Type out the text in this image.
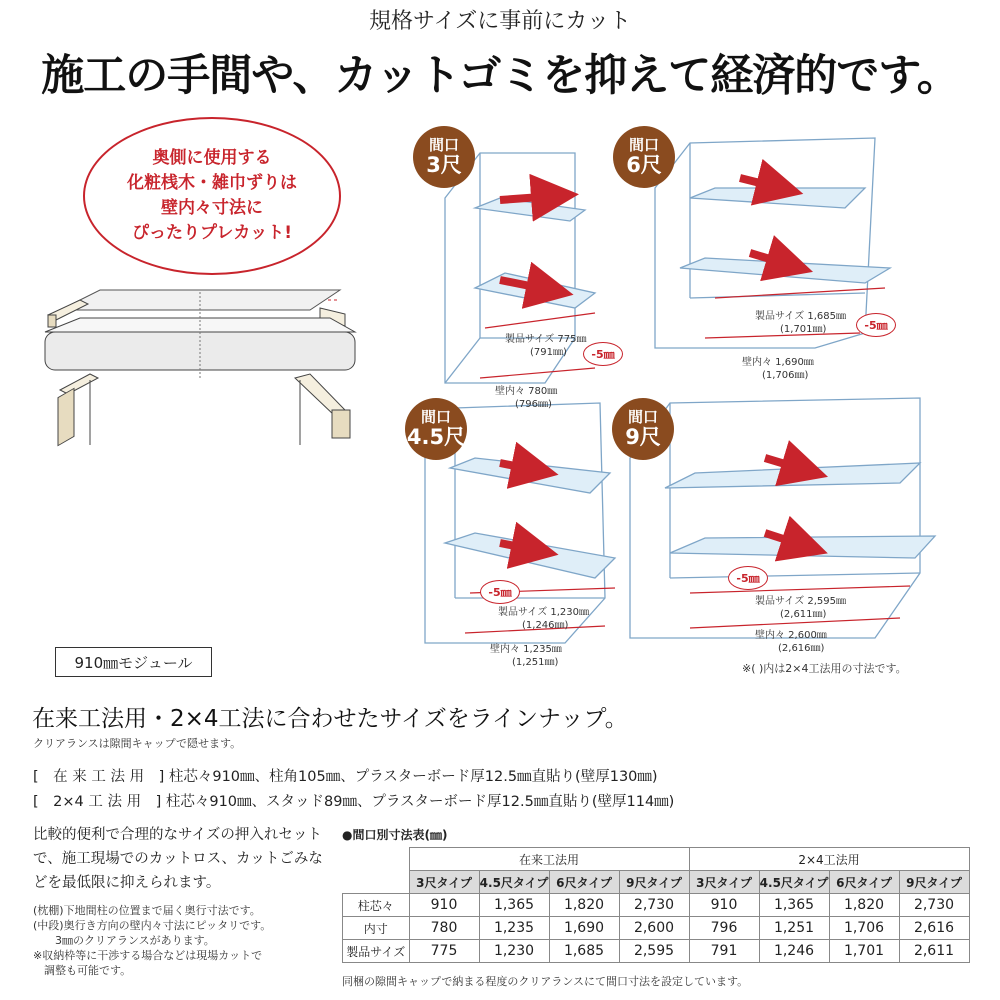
規格サイズに事前にカット
施工の手間や、カットゴミを抑えて経済的です。
奥側に使用する
化粧桟木・雑巾ずりは
壁内々寸法に
ぴったりプレカット!
910㎜モジュール
間口
3尺
間口
6尺
間口
4.5尺
間口
9尺
製品サイズ 775㎜
(791㎜)	-5㎜
壁内々 780㎜
(796㎜)
製品サイズ 1,685㎜
(1,701㎜)	-5㎜
壁内々 1,690㎜
(1,706㎜)
-5㎜
製品サイズ 1,230㎜
(1,246㎜)
壁内々 1,235㎜
(1,251㎜)
-5㎜
製品サイズ 2,595㎜
(2,611㎜)
壁内々 2,600㎜
(2,616㎜)
※( )内は2×4工法用の寸法です。
在来工法用・2×4工法に合わせたサイズをラインナップ。
クリアランスは隙間キャップで隠せます。
[　在 来 工 法 用　] 柱芯々910㎜、柱角105㎜、プラスターボード厚12.5㎜直貼り(壁厚130㎜)
[　2×4 工 法 用　] 柱芯々910㎜、スタッド89㎜、プラスターボード厚12.5㎜直貼り(壁厚114㎜)
比較的便利で合理的なサイズの押入れセットで、施工現場でのカットロス、カットごみなどを最低限に抑えられます。
(枕棚)下地間柱の位置まで届く奥行寸法です。
(中段)奥行き方向の壁内々寸法にピッタリです。
　　3㎜のクリアランスがあります。
※収納枠等に干渉する場合などは現場カットで
　調整も可能です。
●間口別寸法表(㎜)
	在来工法用				2×4工法用			
	3尺タイプ	4.5尺タイプ	6尺タイプ	9尺タイプ	3尺タイプ	4.5尺タイプ	6尺タイプ	9尺タイプ
柱芯々	910	1,365	1,820	2,730	910	1,365	1,820	2,730
内寸	780	1,235	1,690	2,600	796	1,251	1,706	2,616
製品サイズ	775	1,230	1,685	2,595	791	1,246	1,701	2,611
同梱の隙間キャップで納まる程度のクリアランスにて間口寸法を設定しています。
